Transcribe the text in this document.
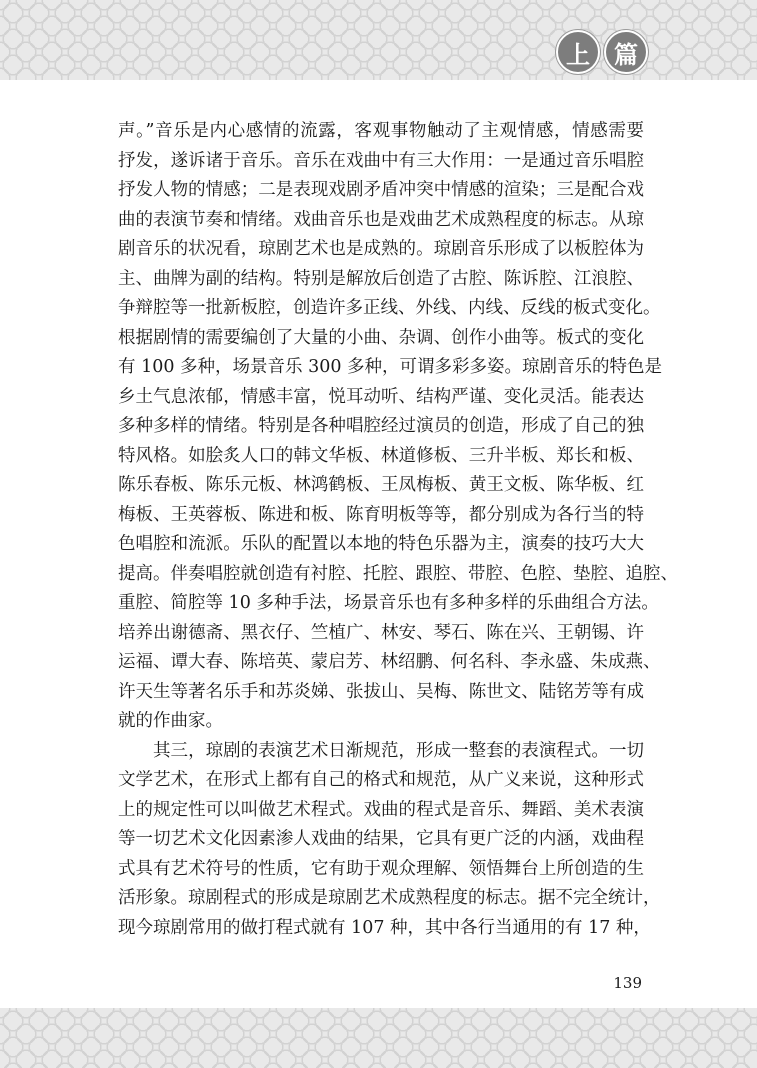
上	篇
声。”音乐是内心感情的流露，客观事物触动了主观情感，情感需要
抒发，遂诉诸于音乐。音乐在戏曲中有三大作用：一是通过音乐唱腔
抒发人物的情感；二是表现戏剧矛盾冲突中情感的渲染；三是配合戏
曲的表演节奏和情绪。戏曲音乐也是戏曲艺术成熟程度的标志。从琼
剧音乐的状况看，琼剧艺术也是成熟的。琼剧音乐形成了以板腔体为
主、曲牌为副的结构。特别是解放后创造了古腔、陈诉腔、江浪腔、
争辩腔等一批新板腔，创造许多正线、外线、内线、反线的板式变化。
根据剧情的需要编创了大量的小曲、杂调、创作小曲等。板式的变化
有 100 多种，场景音乐 300 多种，可谓多彩多姿。琼剧音乐的特色是
乡土气息浓郁，情感丰富，悦耳动听、结构严谨、变化灵活。能表达
多种多样的情绪。特别是各种唱腔经过演员的创造，形成了自己的独
特风格。如脍炙人口的韩文华板、林道修板、三升半板、郑长和板、
陈乐春板、陈乐元板、林鸿鹤板、王凤梅板、黄王文板、陈华板、红
梅板、王英蓉板、陈进和板、陈育明板等等，都分别成为各行当的特
色唱腔和流派。乐队的配置以本地的特色乐器为主，演奏的技巧大大
提高。伴奏唱腔就创造有衬腔、托腔、跟腔、带腔、色腔、垫腔、追腔、
重腔、简腔等 10 多种手法，场景音乐也有多种多样的乐曲组合方法。
培养出谢德斋、黑衣仔、竺植广、林安、琴石、陈在兴、王朝锡、许
运福、谭大春、陈培英、蒙启芳、林绍鹏、何名科、李永盛、朱成燕、
许天生等著名乐手和苏炎娣、张拔山、吴梅、陈世文、陆铭芳等有成
就的作曲家。
其三，琼剧的表演艺术日渐规范，形成一整套的表演程式。一切
文学艺术，在形式上都有自己的格式和规范，从广义来说，这种形式
上的规定性可以叫做艺术程式。戏曲的程式是音乐、舞蹈、美术表演
等一切艺术文化因素渗人戏曲的结果，它具有更广泛的内涵，戏曲程
式具有艺术符号的性质，它有助于观众理解、领悟舞台上所创造的生
活形象。琼剧程式的形成是琼剧艺术成熟程度的标志。据不完全统计，
现今琼剧常用的做打程式就有 107 种，其中各行当通用的有 17 种，
139
